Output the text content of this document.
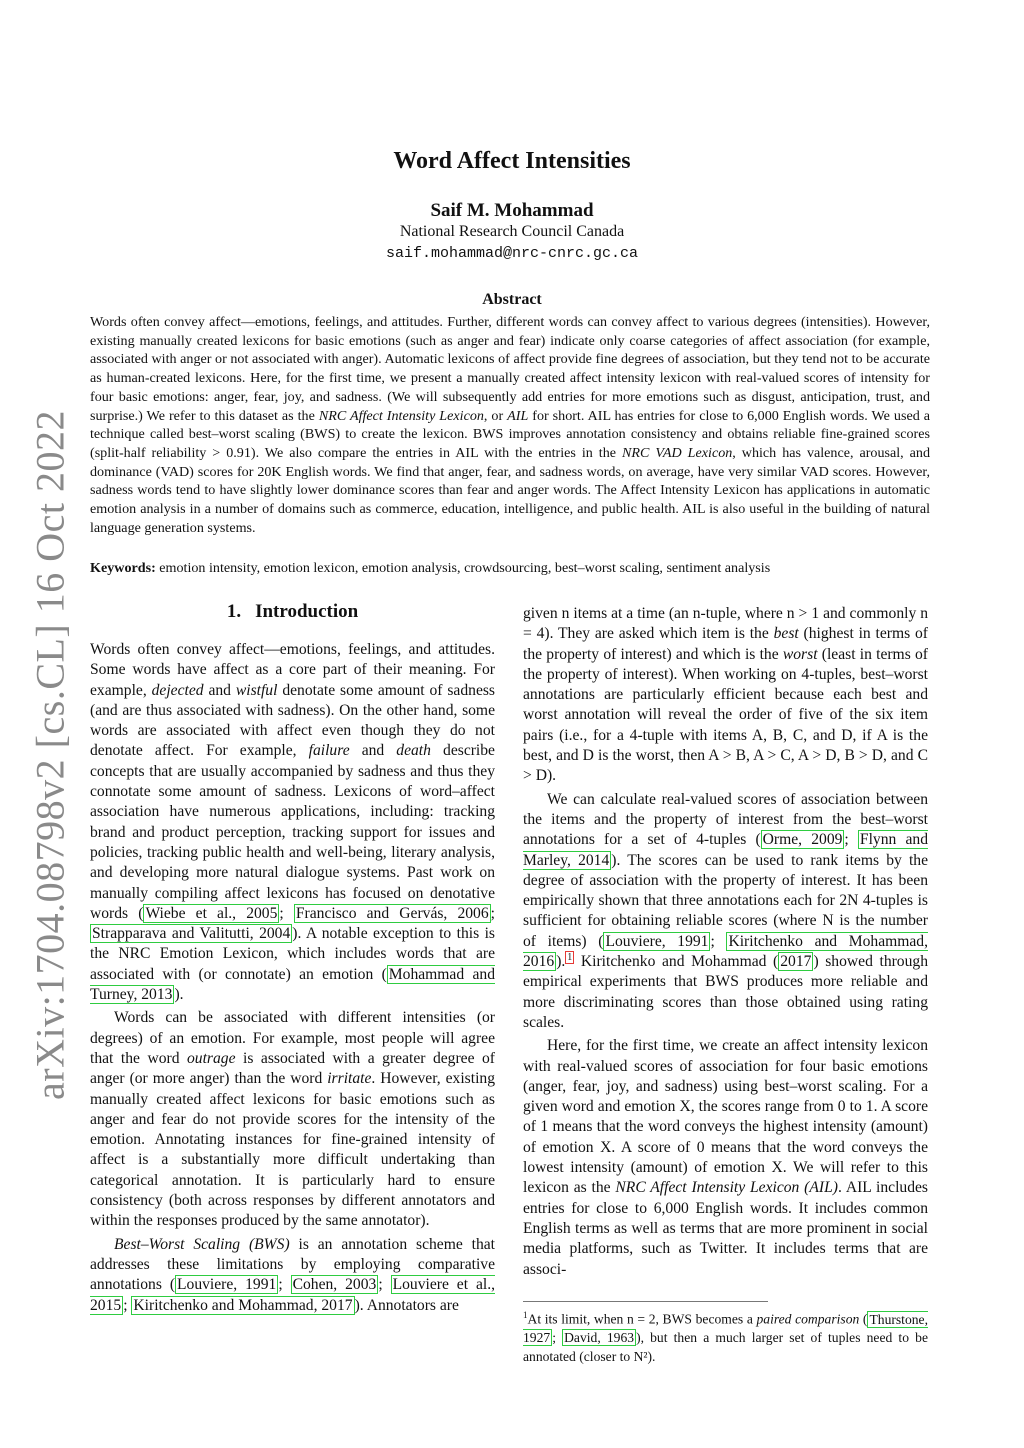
arXiv:1704.08798v2 [cs.CL] 16 Oct 2022
Word Affect Intensities
Saif M. Mohammad
National Research Council Canada
saif.mohammad@nrc-cnrc.gc.ca
Abstract
Words often convey affect—emotions, feelings, and attitudes. Further, different words can convey affect to various degrees (intensities). However, existing manually created lexicons for basic emotions (such as anger and fear) indicate only coarse categories of affect association (for example, associated with anger or not associated with anger). Automatic lexicons of affect provide fine degrees of association, but they tend not to be accurate as human-created lexicons. Here, for the first time, we present a manually created affect intensity lexicon with real-valued scores of intensity for four basic emotions: anger, fear, joy, and sadness. (We will subsequently add entries for more emotions such as disgust, anticipation, trust, and surprise.) We refer to this dataset as the NRC Affect Intensity Lexicon, or AIL for short. AIL has entries for close to 6,000 English words. We used a technique called best–worst scaling (BWS) to create the lexicon. BWS improves annotation consistency and obtains reliable fine-grained scores (split-half reliability > 0.91). We also compare the entries in AIL with the entries in the NRC VAD Lexicon, which has valence, arousal, and dominance (VAD) scores for 20K English words. We find that anger, fear, and sadness words, on average, have very similar VAD scores. However, sadness words tend to have slightly lower dominance scores than fear and anger words. The Affect Intensity Lexicon has applications in automatic emotion analysis in a number of domains such as commerce, education, intelligence, and public health. AIL is also useful in the building of natural language generation systems.
Keywords: emotion intensity, emotion lexicon, emotion analysis, crowdsourcing, best–worst scaling, sentiment analysis
1. Introduction

Words often convey affect—emotions, feelings, and attitudes. Some words have affect as a core part of their meaning. For example, dejected and wistful denotate some amount of sadness (and are thus associated with sadness). On the other hand, some words are associated with affect even though they do not denotate affect. For example, failure and death describe concepts that are usually accompanied by sadness and thus they connotate some amount of sadness. Lexicons of word–affect association have numerous applications, including: tracking brand and product perception, tracking support for issues and policies, tracking public health and well-being, literary analysis, and developing more natural dialogue systems. Past work on manually compiling affect lexicons has focused on denotative words ( Wiebe et al., 2005 ; Francisco and Gervás, 2006 ; Strapparava and Valitutti, 2004 ). A notable exception to this is the NRC Emotion Lexicon, which includes words that are associated with (or connotate) an emotion ( Mohammad and Turney, 2013 ).

Words can be associated with different intensities (or degrees) of an emotion. For example, most people will agree that the word outrage is associated with a greater degree of anger (or more anger) than the word irritate. However, existing manually created affect lexicons for basic emotions such as anger and fear do not provide scores for the intensity of the emotion. Annotating instances for fine-grained intensity of affect is a substantially more difficult undertaking than categorical annotation. It is particularly hard to ensure consistency (both across responses by different annotators and within the responses produced by the same annotator).

Best–Worst Scaling (BWS) is an annotation scheme that addresses these limitations by employing comparative annotations ( Louviere, 1991 ; Cohen, 2003 ; Louviere et al., 2015 ; Kiritchenko and Mohammad, 2017 ). Annotators are

given n items at a time (an n-tuple, where n > 1 and commonly n = 4). They are asked which item is the best (highest in terms of the property of interest) and which is the worst (least in terms of the property of interest). When working on 4-tuples, best–worst annotations are particularly efficient because each best and worst annotation will reveal the order of five of the six item pairs (i.e., for a 4-tuple with items A, B, C, and D, if A is the best, and D is the worst, then A > B, A > C, A > D, B > D, and C > D).

We can calculate real-valued scores of association between the items and the property of interest from the best–worst annotations for a set of 4-tuples ( Orme, 2009 ; Flynn and Marley, 2014 ). The scores can be used to rank items by the degree of association with the property of interest. It has been empirically shown that three annotations each for 2N 4-tuples is sufficient for obtaining reliable scores (where N is the number of items) ( Louviere, 1991 ; Kiritchenko and Mohammad, 2016 ). $^1$ Kiritchenko and Mohammad ( 2017 ) showed through empirical experiments that BWS produces more reliable and more discriminating scores than those obtained using rating scales.

Here, for the first time, we create an affect intensity lexicon with real-valued scores of association for four basic emotions (anger, fear, joy, and sadness) using best–worst scaling. For a given word and emotion X, the scores range from 0 to 1. A score of 1 means that the word conveys the highest intensity (amount) of emotion X. A score of 0 means that the word conveys the lowest intensity (amount) of emotion X. We will refer to this lexicon as the NRC Affect Intensity Lexicon (AIL). AIL includes entries for close to 6,000 English words. It includes common English terms as well as terms that are more prominent in social media platforms, such as Twitter. It includes terms that are associ-

$^1$At its limit, when n = 2, BWS becomes a paired comparison ( Thurstone, 1927 ; David, 1963 ), but then a much larger set of tuples need to be annotated (closer to N²).
